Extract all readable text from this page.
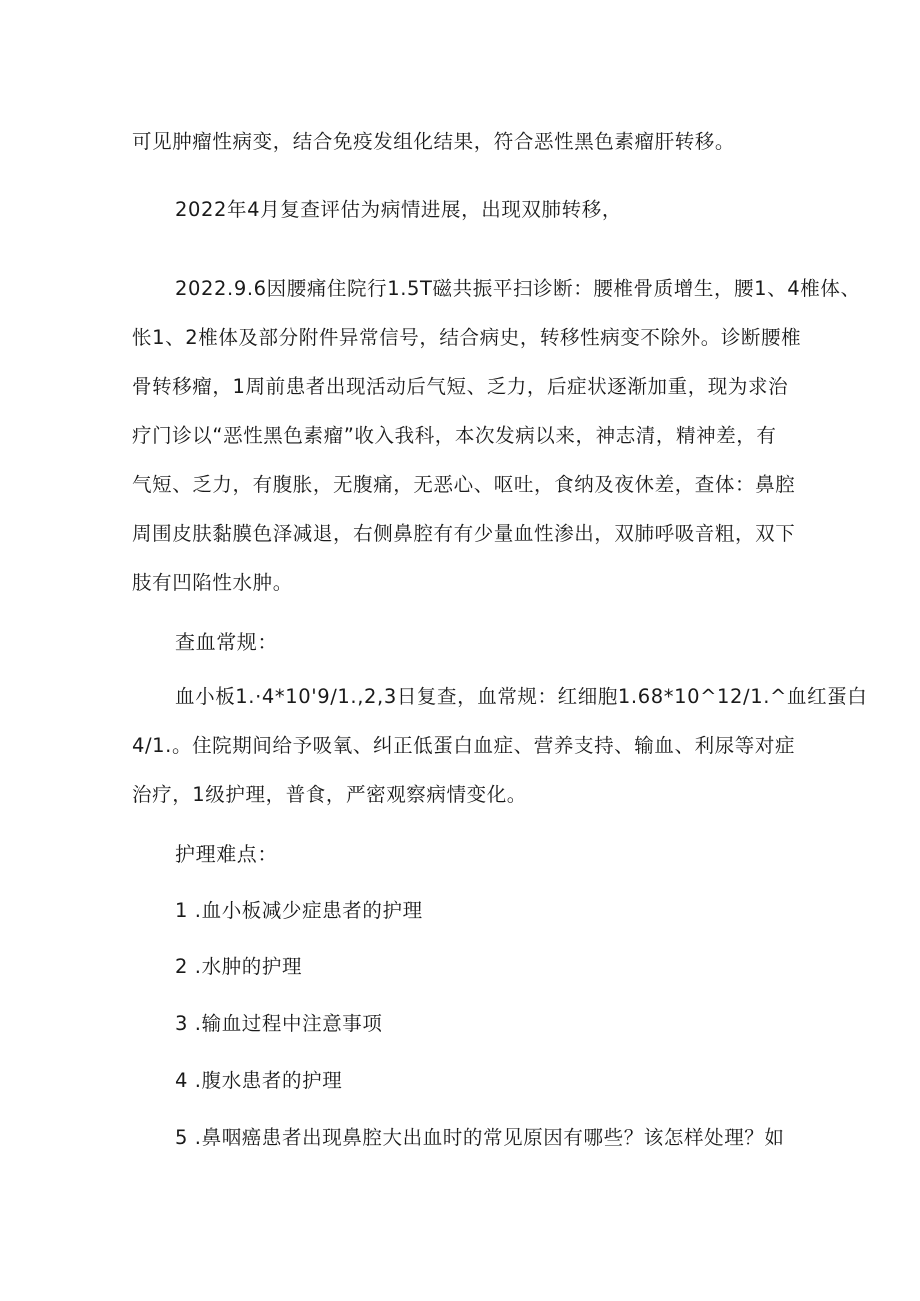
可见肿瘤性病变，结合免疫发组化结果，符合恶性黑色素瘤肝转移。
2022年4月复查评估为病情进展，出现双肺转移，
2022.9.6因腰痛住院行1.5T磁共振平扫诊断：腰椎骨质增生，腰1、4椎体、
怅1、2椎体及部分附件异常信号，结合病史，转移性病变不除外。诊断腰椎
骨转移瘤，1周前患者出现活动后气短、乏力，后症状逐渐加重，现为求治
疗门诊以“恶性黑色素瘤”收入我科，本次发病以来，神志清，精神差，有
气短、乏力，有腹胀，无腹痛，无恶心、呕吐，食纳及夜休差，查体：鼻腔
周围皮肤黏膜色泽减退，右侧鼻腔有有少量血性渗出，双肺呼吸音粗，双下
肢有凹陷性水肿。
查血常规：
血小板1.·4*10'9∕1.,2,3日复查，血常规：红细胞1.68*10^12∕1.^血红蛋白
4/1.。住院期间给予吸氧、纠正低蛋白血症、营养支持、输血、利尿等对症
治疗，1级护理，普食，严密观察病情变化。
护理难点：
1 .血小板减少症患者的护理
2 .水肿的护理
3 .输血过程中注意事项
4 .腹水患者的护理
5 .鼻咽癌患者出现鼻腔大出血时的常见原因有哪些？该怎样处理？如
